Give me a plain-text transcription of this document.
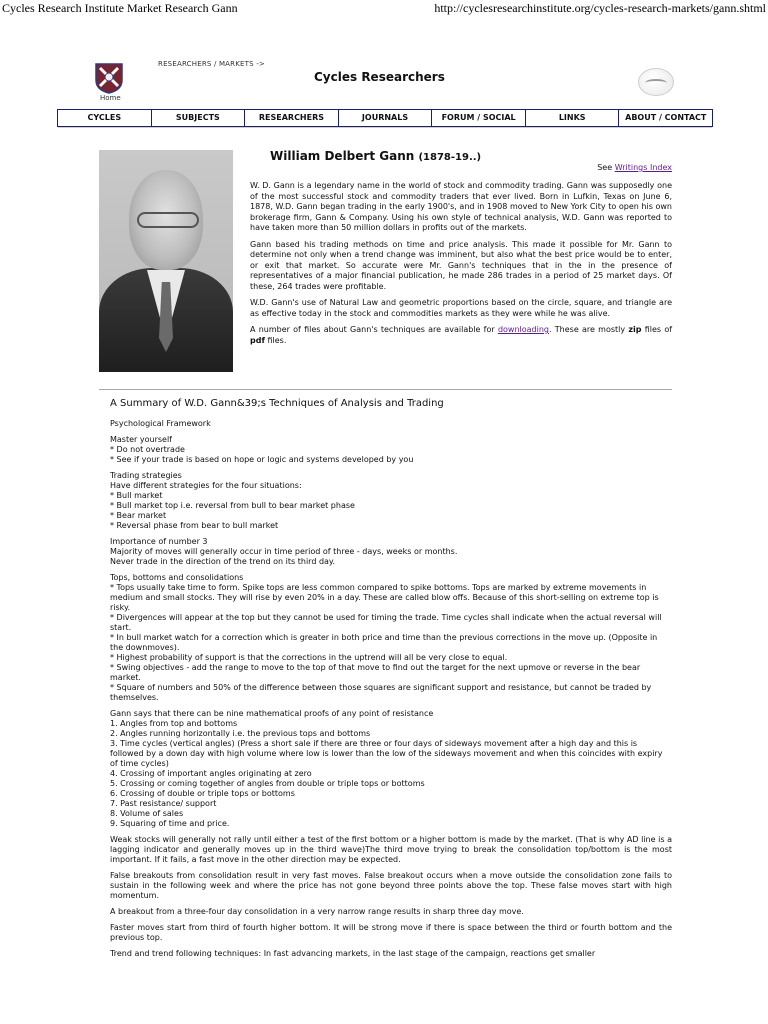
Cycles Research Institute Market Research Gann	http://cyclesresearchinstitute.org/cycles-research-markets/gann.shtml
Home
RESEARCHERS / MARKETS ->
Cycles Researchers
CYCLES	SUBJECTS	RESEARCHERS	JOURNALS	FORUM / SOCIAL	LINKS	ABOUT / CONTACT
William Delbert Gann (1878-19..)
See Writings Index

W. D. Gann is a legendary name in the world of stock and commodity trading. Gann was supposedly one of the most successful stock and commodity traders that ever lived. Born in Lufkin, Texas on June 6, 1878, W.D. Gann began trading in the early 1900's, and in 1908 moved to New York City to open his own brokerage firm, Gann & Company. Using his own style of technical analysis, W.D. Gann was reported to have taken more than 50 million dollars in profits out of the markets.

Gann based his trading methods on time and price analysis. This made it possible for Mr. Gann to determine not only when a trend change was imminent, but also what the best price would be to enter, or exit that market. So accurate were Mr. Gann's techniques that in the in the presence of representatives of a major financial publication, he made 286 trades in a period of 25 market days. Of these, 264 trades were profitable.

W.D. Gann's use of Natural Law and geometric proportions based on the circle, square, and triangle are as effective today in the stock and commodities markets as they were while he was alive.

A number of files about Gann's techniques are available for downloading. These are mostly zip files of pdf files.

A Summary of W.D. Gann&39;s Techniques of Analysis and Trading
Psychological Framework
Master yourself
* Do not overtrade
* See if your trade is based on hope or logic and systems developed by you
Trading strategies
Have different strategies for the four situations:
* Bull market
* Bull market top i.e. reversal from bull to bear market phase
* Bear market
* Reversal phase from bear to bull market
Importance of number 3
Majority of moves will generally occur in time period of three - days, weeks or months.
Never trade in the direction of the trend on its third day.
Tops, bottoms and consolidations
* Tops usually take time to form. Spike tops are less common compared to spike bottoms. Tops are marked by extreme movements in medium and small stocks. They will rise by even 20% in a day. These are called blow offs. Because of this short-selling on extreme top is risky.
* Divergences will appear at the top but they cannot be used for timing the trade. Time cycles shall indicate when the actual reversal will start.
* In bull market watch for a correction which is greater in both price and time than the previous corrections in the move up. (Opposite in the downmoves).
* Highest probability of support is that the corrections in the uptrend will all be very close to equal.
* Swing objectives - add the range to move to the top of that move to find out the target for the next upmove or reverse in the bear market.
* Square of numbers and 50% of the difference between those squares are significant support and resistance, but cannot be traded by themselves.
Gann says that there can be nine mathematical proofs of any point of resistance
1. Angles from top and bottoms
2. Angles running horizontally i.e. the previous tops and bottoms
3. Time cycles (vertical angles) (Press a short sale if there are three or four days of sideways movement after a high day and this is followed by a down day with high volume where low is lower than the low of the sideways movement and when this coincides with expiry of time cycles)
4. Crossing of important angles originating at zero
5. Crossing or coming together of angles from double or triple tops or bottoms
6. Crossing of double or triple tops or bottoms
7. Past resistance/ support
8. Volume of sales
9. Squaring of time and price.
Weak stocks will generally not rally until either a test of the first bottom or a higher bottom is made by the market. (That is why AD line is a lagging indicator and generally moves up in the third wave)The third move trying to break the consolidation top/bottom is the most important. If it fails, a fast move in the other direction may be expected.
False breakouts from consolidation result in very fast moves. False breakout occurs when a move outside the consolidation zone fails to sustain in the following week and where the price has not gone beyond three points above the top. These false moves start with high momentum.
A breakout from a three-four day consolidation in a very narrow range results in sharp three day move.
Faster moves start from third of fourth higher bottom. It will be strong move if there is space between the third or fourth bottom and the previous top.
Trend and trend following techniques: In fast advancing markets, in the last stage of the campaign, reactions get smaller
